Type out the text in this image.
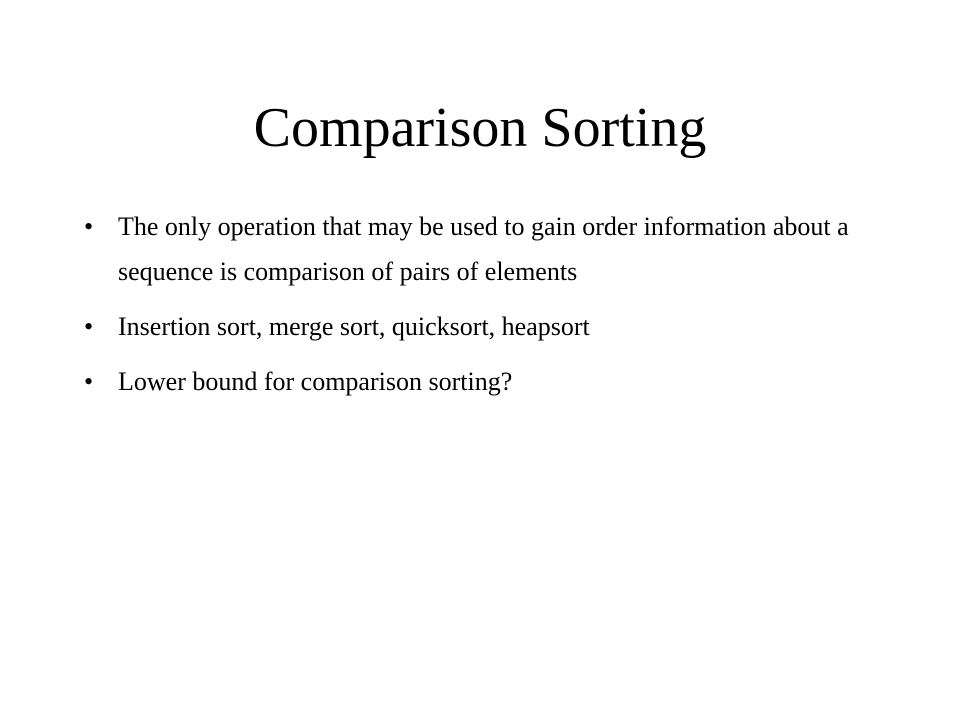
Comparison Sorting
• The only operation that may be used to gain order information about a sequence is comparison of pairs of elements
• Insertion sort, merge sort, quicksort, heapsort
• Lower bound for comparison sorting?
